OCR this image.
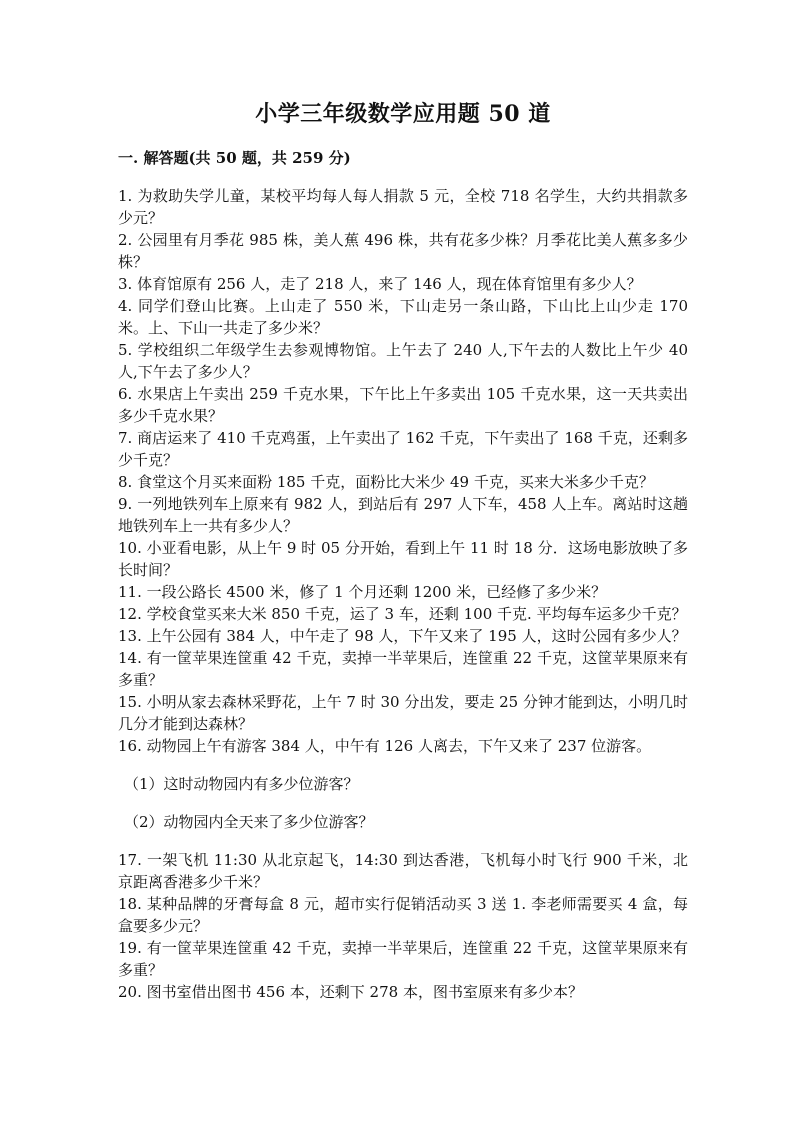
小学三年级数学应用题 50 道
一. 解答题(共 50 题，共 259 分)

1. 为救助失学儿童，某校平均每人每人捐款 5 元，全校 718 名学生，大约共捐款多少元？

2. 公园里有月季花 985 株，美人蕉 496 株，共有花多少株？月季花比美人蕉多多少株？

3. 体育馆原有 256 人，走了 218 人，来了 146 人，现在体育馆里有多少人？

4. 同学们登山比赛。上山走了 550 米，下山走另一条山路，下山比上山少走 170 米。上、下山一共走了多少米？

5. 学校组织二年级学生去参观博物馆。上午去了 240 人,下午去的人数比上午少 40 人,下午去了多少人？

6. 水果店上午卖出 259 千克水果，下午比上午多卖出 105 千克水果，这一天共卖出多少千克水果？

7. 商店运来了 410 千克鸡蛋，上午卖出了 162 千克，下午卖出了 168 千克，还剩多少千克？

8. 食堂这个月买来面粉 185 千克，面粉比大米少 49 千克，买来大米多少千克？

9. 一列地铁列车上原来有 982 人，到站后有 297 人下车，458 人上车。离站时这趟地铁列车上一共有多少人？

10. 小亚看电影，从上午 9 时 05 分开始，看到上午 11 时 18 分．这场电影放映了多长时间？

11. 一段公路长 4500 米，修了 1 个月还剩 1200 米，已经修了多少米？

12. 学校食堂买来大米 850 千克，运了 3 车，还剩 100 千克. 平均每车运多少千克？

13. 上午公园有 384 人，中午走了 98 人，下午又来了 195 人，这时公园有多少人？

14. 有一筐苹果连筐重 42 千克，卖掉一半苹果后，连筐重 22 千克，这筐苹果原来有多重？

15. 小明从家去森林采野花，上午 7 时 30 分出发，要走 25 分钟才能到达，小明几时几分才能到达森林？

16. 动物园上午有游客 384 人，中午有 126 人离去，下午又来了 237 位游客。

（1）这时动物园内有多少位游客？

（2）动物园内全天来了多少位游客？

17. 一架飞机 11:30 从北京起飞，14:30 到达香港，飞机每小时飞行 900 千米，北京距离香港多少千米？

18. 某种品牌的牙膏每盒 8 元，超市实行促销活动买 3 送 1. 李老师需要买 4 盒，每盒要多少元？

19. 有一筐苹果连筐重 42 千克，卖掉一半苹果后，连筐重 22 千克，这筐苹果原来有多重？

20. 图书室借出图书 456 本，还剩下 278 本，图书室原来有多少本？
